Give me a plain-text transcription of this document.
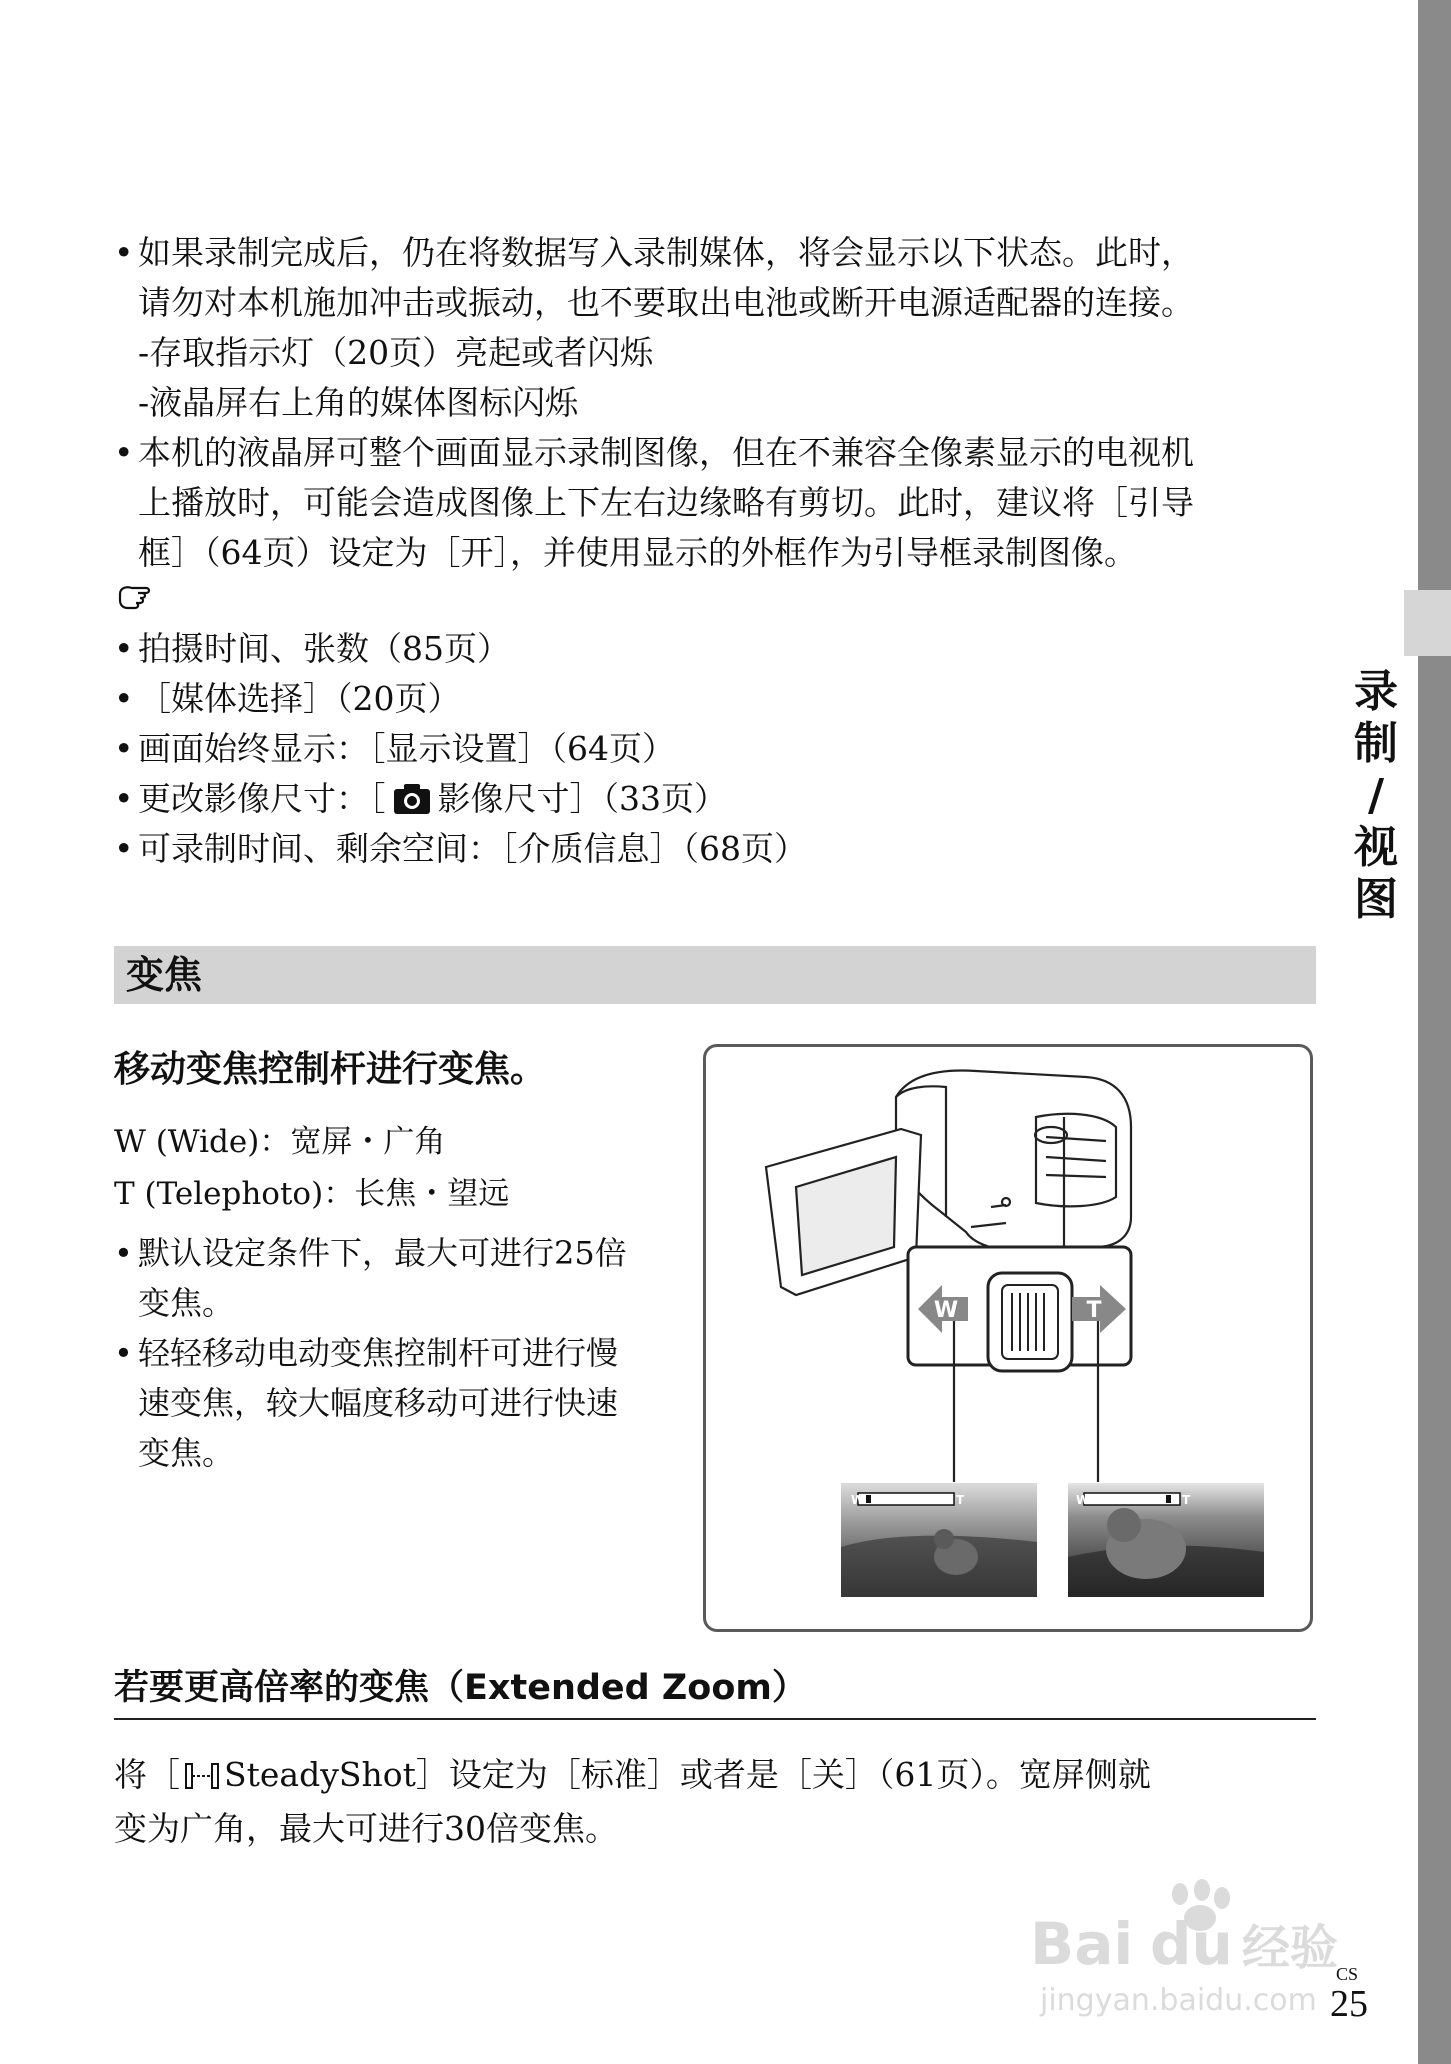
录
制
/
视
图
• 如果录制完成后，仍在将数据写入录制媒体，将会显示以下状态。此时，
请勿对本机施加冲击或振动，也不要取出电池或断开电源适配器的连接。
-存取指示灯（20页）亮起或者闪烁
-液晶屏右上角的媒体图标闪烁
• 本机的液晶屏可整个画面显示录制图像，但在不兼容全像素显示的电视机
上播放时，可能会造成图像上下左右边缘略有剪切。此时，建议将［引导
框］（64页）设定为［开］，并使用显示的外框作为引导框录制图像。
• 拍摄时间、张数（85页）
• ［媒体选择］（20页）
• 画面始终显示：［显示设置］（64页）
• 更改影像尺寸：［ 影像尺寸］（33页）
• 可录制时间、剩余空间：［介质信息］（68页）
变焦
移动变焦控制杆进行变焦。
W (Wide)：宽屏・广角
T (Telephoto)：长焦・望远
• 默认设定条件下，最大可进行25倍
变焦。
• 轻轻移动电动变焦控制杆可进行慢
速变焦，较大幅度移动可进行快速
变焦。
W	T
W	T	W	T
若要更高倍率的变焦（Extended Zoom）
将［ SteadyShot］设定为［标准］或者是［关］（61页）。宽屏侧就
变为广角，最大可进行30倍变焦。
Bai du 经验
jingyan.baidu.com
CS
25
